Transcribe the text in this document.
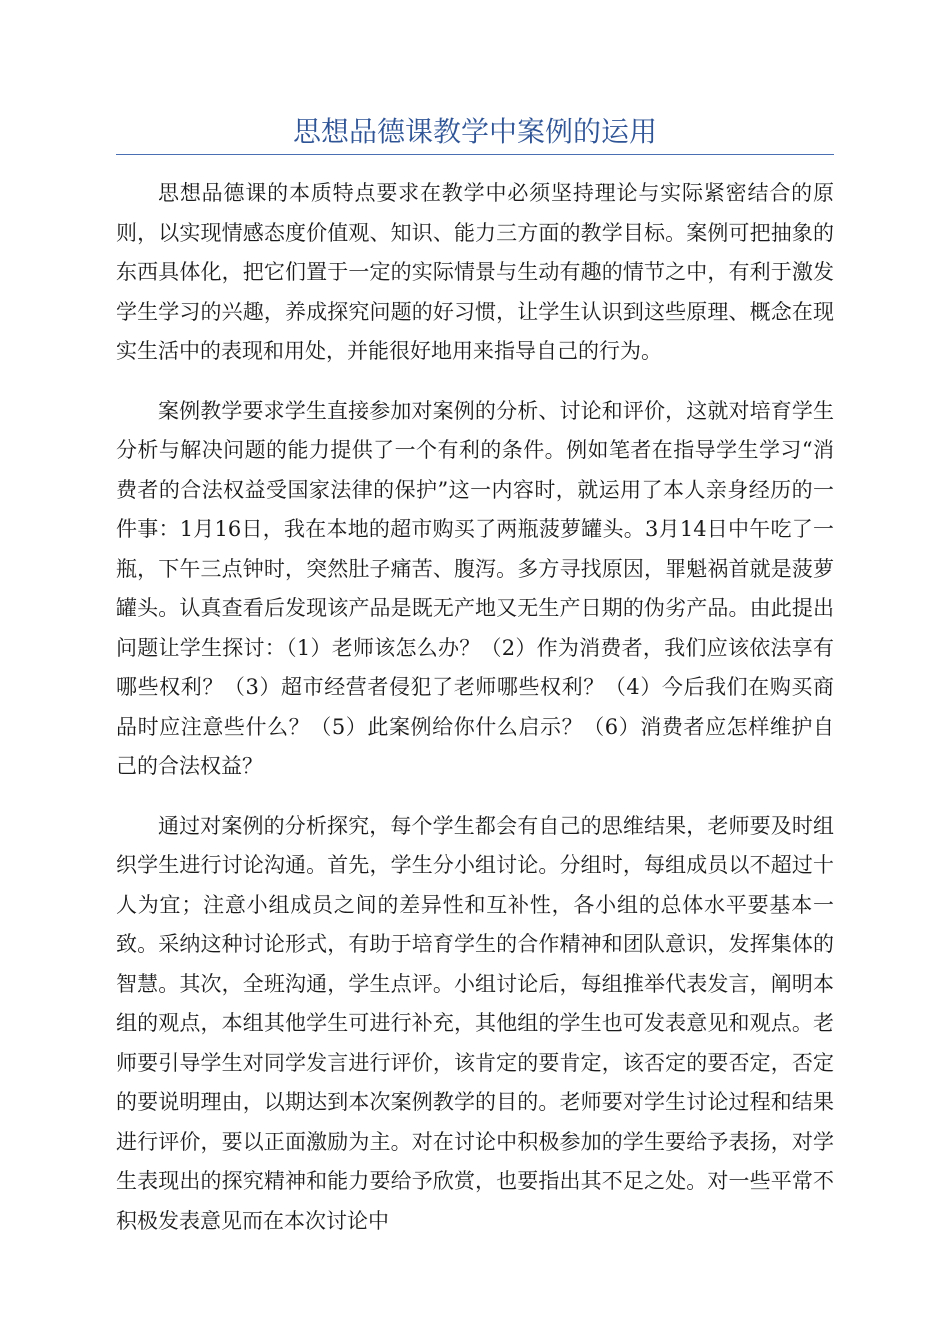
思想品德课教学中案例的运用

思想品德课的本质特点要求在教学中必须坚持理论与实际紧密结合的原则，以实现情感态度价值观、知识、能力三方面的教学目标。案例可把抽象的东西具体化，把它们置于一定的实际情景与生动有趣的情节之中，有利于激发学生学习的兴趣，养成探究问题的好习惯，让学生认识到这些原理、概念在现实生活中的表现和用处，并能很好地用来指导自己的行为。

案例教学要求学生直接参加对案例的分析、讨论和评价，这就对培育学生分析与解决问题的能力提供了一个有利的条件。例如笔者在指导学生学习“消费者的合法权益受国家法律的保护”这一内容时，就运用了本人亲身经历的一件事：1月16日，我在本地的超市购买了两瓶菠萝罐头。3月14日中午吃了一瓶，下午三点钟时，突然肚子痛苦、腹泻。多方寻找原因，罪魁祸首就是菠萝罐头。认真查看后发现该产品是既无产地又无生产日期的伪劣产品。由此提出问题让学生探讨：（1）老师该怎么办？（2）作为消费者，我们应该依法享有哪些权利？（3）超市经营者侵犯了老师哪些权利？（4）今后我们在购买商品时应注意些什么？（5）此案例给你什么启示？（6）消费者应怎样维护自己的合法权益？

通过对案例的分析探究，每个学生都会有自己的思维结果，老师要及时组织学生进行讨论沟通。首先，学生分小组讨论。分组时，每组成员以不超过十人为宜；注意小组成员之间的差异性和互补性，各小组的总体水平要基本一致。采纳这种讨论形式，有助于培育学生的合作精神和团队意识，发挥集体的智慧。其次，全班沟通，学生点评。小组讨论后，每组推举代表发言，阐明本组的观点，本组其他学生可进行补充，其他组的学生也可发表意见和观点。老师要引导学生对同学发言进行评价，该肯定的要肯定，该否定的要否定，否定的要说明理由，以期达到本次案例教学的目的。老师要对学生讨论过程和结果进行评价，要以正面激励为主。对在讨论中积极参加的学生要给予表扬，对学生表现出的探究精神和能力要给予欣赏，也要指出其不足之处。对一些平常不积极发表意见而在本次讨论中
